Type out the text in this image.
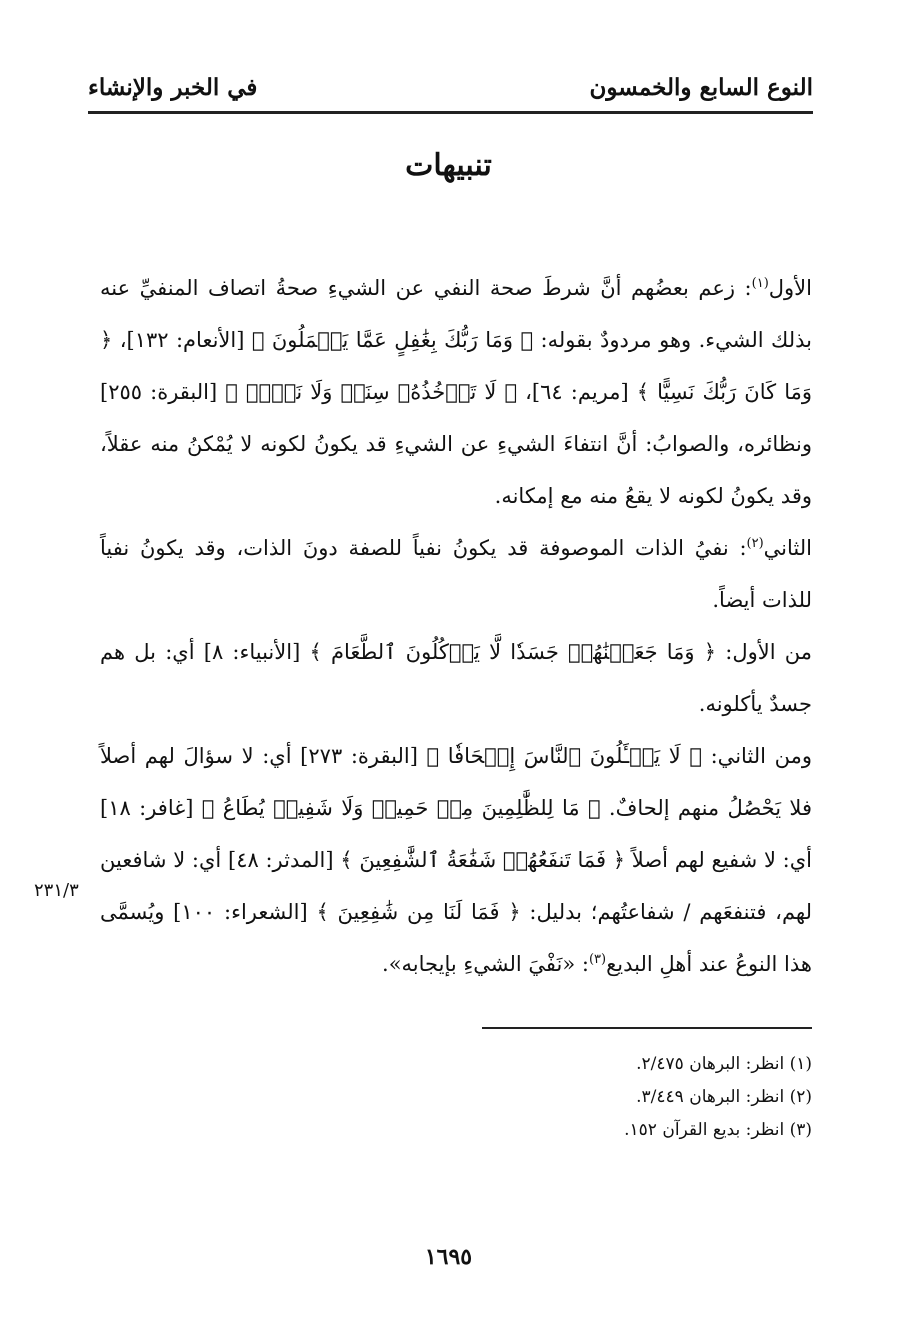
النوع السابع والخمسون
في الخبر والإنشاء
تنبيهات

الأول$^{(١)}$: زعم بعضُهم أنَّ شرطَ صحة النفي عن الشيءِ صحةُ اتصاف المنفيِّ عنه بذلك الشيء. وهو مردودٌ بقوله: ﴿ وَمَا رَبُّكَ بِغَٰفِلٍ عَمَّا يَعۡمَلُونَ ﴾ [الأنعام: ١٣٢]، ﴿ وَمَا كَانَ رَبُّكَ نَسِيًّا ﴾ [مريم: ٦٤]، ﴿ لَا تَأۡخُذُهُۥ سِنَةٞ وَلَا نَوۡمٞ ﴾ [البقرة: ٢٥٥] ونظائره، والصوابُ: أنَّ انتفاءَ الشيءِ عن الشيءِ قد يكونُ لكونه لا يُمْكنُ منه عقلاً، وقد يكونُ لكونه لا يقعُ منه مع إمكانه.

الثاني$^{(٢)}$: نفيُ الذات الموصوفة قد يكونُ نفياً للصفة دونَ الذات، وقد يكونُ نفياً للذات أيضاً.

من الأول: ﴿ وَمَا جَعَلۡنَٰهُمۡ جَسَدٗا لَّا يَأۡكُلُونَ ٱلطَّعَامَ ﴾ [الأنبياء: ٨] أي: بل هم جسدٌ يأكلونه.

ومن الثاني: ﴿ لَا يَسۡـَٔلُونَ ٱلنَّاسَ إِلۡحَافٗا ﴾ [البقرة: ٢٧٣] أي: لا سؤالَ لهم أصلاً فلا يَحْصُلُ منهم إلحافٌ. ﴿ مَا لِلظَّٰلِمِينَ مِنۡ حَمِيمٖ وَلَا شَفِيعٖ يُطَاعُ ﴾ [غافر: ١٨] أي: لا شفيع لهم أصلاً ﴿ فَمَا تَنفَعُهُمۡ شَفَٰعَةُ ٱلشَّٰفِعِينَ ﴾ [المدثر: ٤٨] أي: لا شافعين لهم، فتنفعَهم / شفاعتُهم؛ بدليل: ﴿ فَمَا لَنَا مِن شَٰفِعِينَ ﴾ [الشعراء: ١٠٠] ويُسمَّى هذا النوعُ عند أهلِ البديع$^{(٣)}$: «نَفْيَ الشيءِ بإيجابه».

٢٣١/٣

(١) انظر: البرهان ٢/٤٧٥.

(٢) انظر: البرهان ٣/٤٤٩.

(٣) انظر: بديع القرآن ١٥٢.

١٦٩٥
